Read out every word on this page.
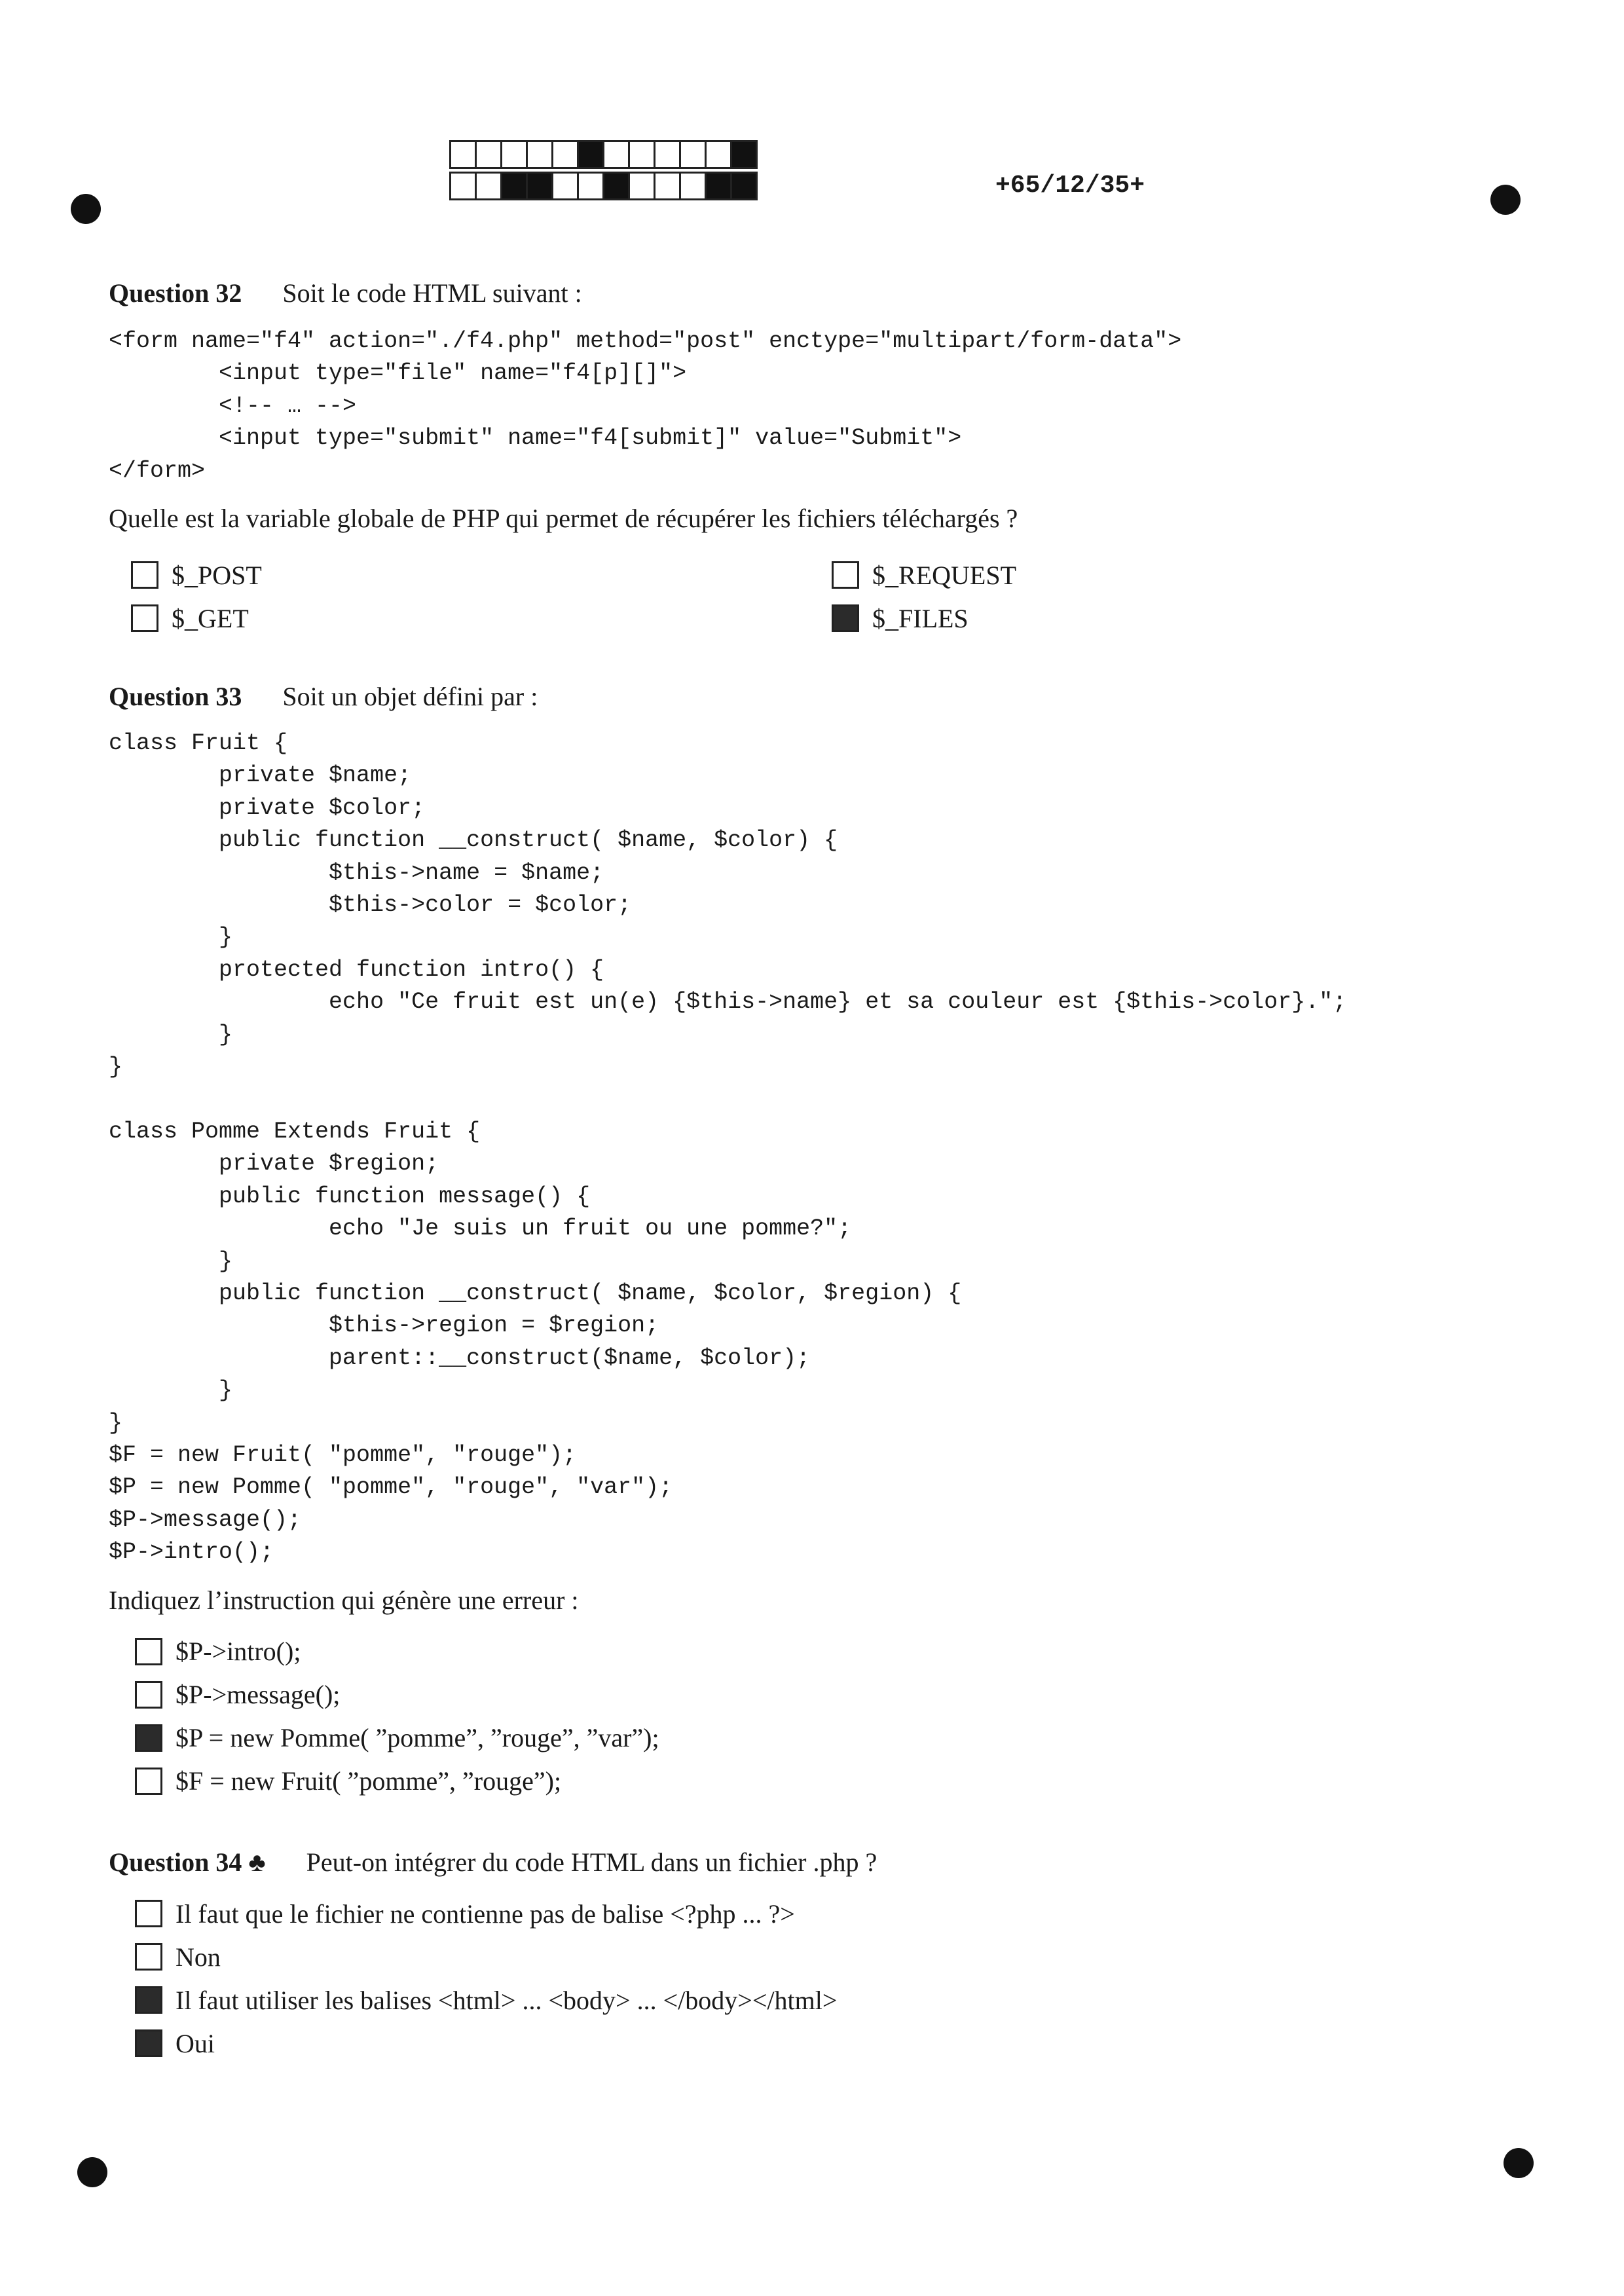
+65/12/35+
Question 32 Soit le code HTML suivant :
<form name="f4" action="./f4.php" method="post" enctype="multipart/form-data">
<input type="file" name="f4[p][]">
<!-- … -->
<input type="submit" name="f4[submit]" value="Submit">
</form>
Quelle est la variable globale de PHP qui permet de récupérer les fichiers téléchargés ?
$_POST	$_REQUEST
$_GET	$_FILES
Question 33 Soit un objet défini par :
class Fruit {
private $name;
private $color;
public function __construct( $name, $color) {
$this->name = $name;
$this->color = $color;
}
protected function intro() {
echo "Ce fruit est un(e) {$this->name} et sa couleur est {$this->color}.";
}
}

class Pomme Extends Fruit {
private $region;
public function message() {
echo "Je suis un fruit ou une pomme?";
}
public function __construct( $name, $color, $region) {
$this->region = $region;
parent::__construct($name, $color);
}
}
$F = new Fruit( "pomme", "rouge");
$P = new Pomme( "pomme", "rouge", "var");
$P->message();
$P->intro();
Indiquez l’instruction qui génère une erreur :
$P->intro();
$P->message();
$P = new Pomme( ”pomme”, ”rouge”, ”var”);
$F = new Fruit( ”pomme”, ”rouge”);
Question 34 ♣ Peut-on intégrer du code HTML dans un fichier .php ?
Il faut que le fichier ne contienne pas de balise <?php ... ?>
Non
Il faut utiliser les balises <html> ... <body> ... </body></html>
Oui
